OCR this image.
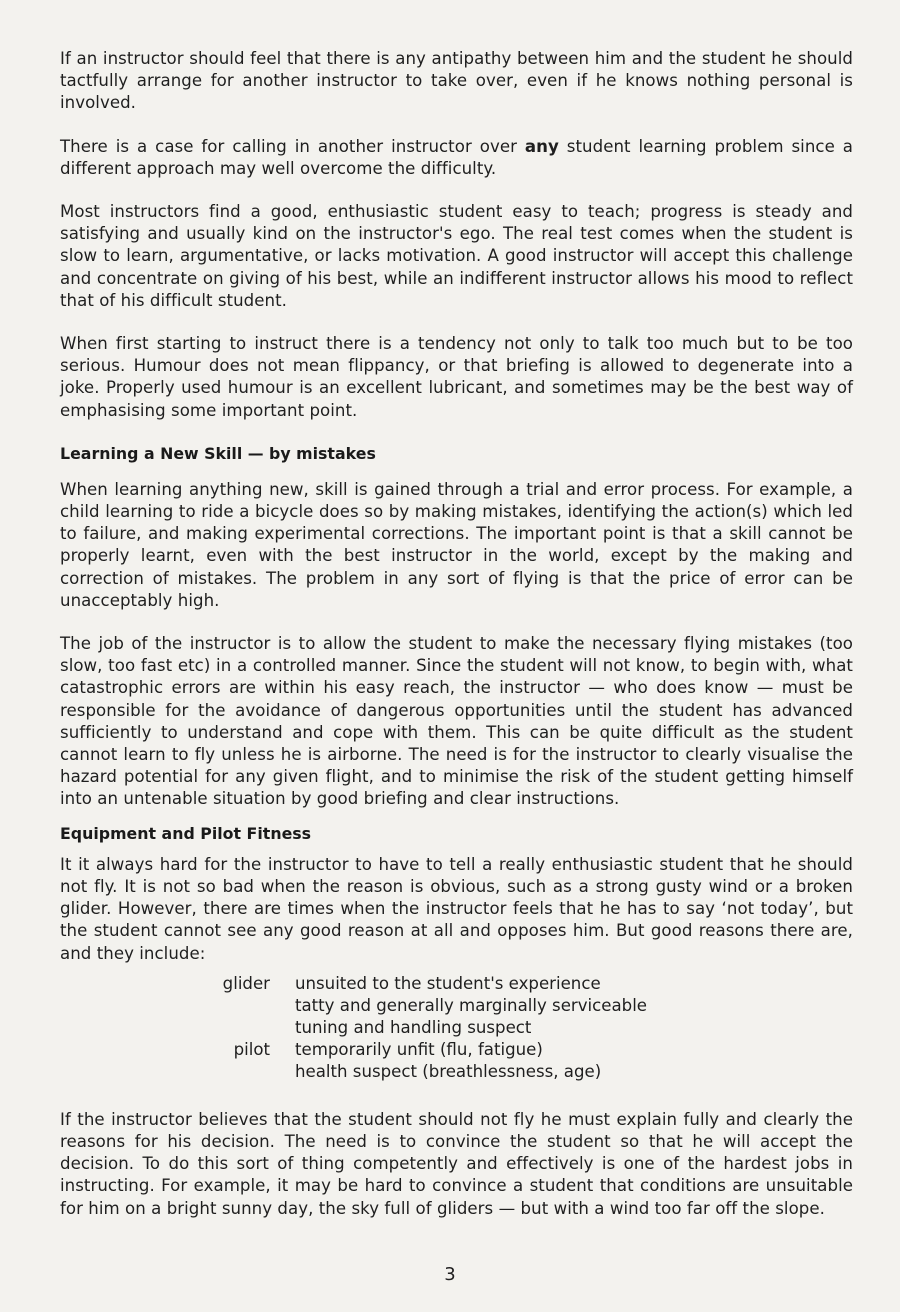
If an instructor should feel that there is any antipathy between him and the student he should tactfully arrange for another instructor to take over, even if he knows nothing personal is involved.

There is a case for calling in another instructor over any student learning problem since a different approach may well overcome the difficulty.

Most instructors find a good, enthusiastic student easy to teach; progress is steady and satisfying and usually kind on the instructor's ego. The real test comes when the student is slow to learn, argumentative, or lacks motivation. A good instructor will accept this challenge and concentrate on giving of his best, while an indifferent instructor allows his mood to reflect that of his difficult student.

When first starting to instruct there is a tendency not only to talk too much but to be too serious. Humour does not mean flippancy, or that briefing is allowed to degenerate into a joke. Properly used humour is an excellent lubricant, and sometimes may be the best way of emphasising some important point.

Learning a New Skill — by mistakes

When learning anything new, skill is gained through a trial and error process. For example, a child learning to ride a bicycle does so by making mistakes, identifying the action(s) which led to failure, and making experimental corrections. The important point is that a skill cannot be properly learnt, even with the best instructor in the world, except by the making and correction of mistakes. The problem in any sort of flying is that the price of error can be unacceptably high.

The job of the instructor is to allow the student to make the necessary flying mistakes (too slow, too fast etc) in a controlled manner. Since the student will not know, to begin with, what catastrophic errors are within his easy reach, the instructor — who does know — must be responsible for the avoidance of dangerous opportunities until the student has advanced sufficiently to understand and cope with them. This can be quite difficult as the student cannot learn to fly unless he is airborne. The need is for the instructor to clearly visualise the hazard potential for any given flight, and to minimise the risk of the student getting himself into an untenable situation by good briefing and clear instructions.

Equipment and Pilot Fitness

It it always hard for the instructor to have to tell a really enthusiastic student that he should not fly. It is not so bad when the reason is obvious, such as a strong gusty wind or a broken glider. However, there are times when the instructor feels that he has to say ‘not today’, but the student cannot see any good reason at all and opposes him. But good reasons there are, and they include:

glider	unsuited to the student's experience
tatty and generally marginally serviceable
tuning and handling suspect
pilot	temporarily unfit (flu, fatigue)
health suspect (breathlessness, age)

If the instructor believes that the student should not fly he must explain fully and clearly the reasons for his decision. The need is to convince the student so that he will accept the decision. To do this sort of thing competently and effectively is one of the hardest jobs in instructing. For example, it may be hard to convince a student that conditions are unsuitable for him on a bright sunny day, the sky full of gliders — but with a wind too far off the slope.

3
